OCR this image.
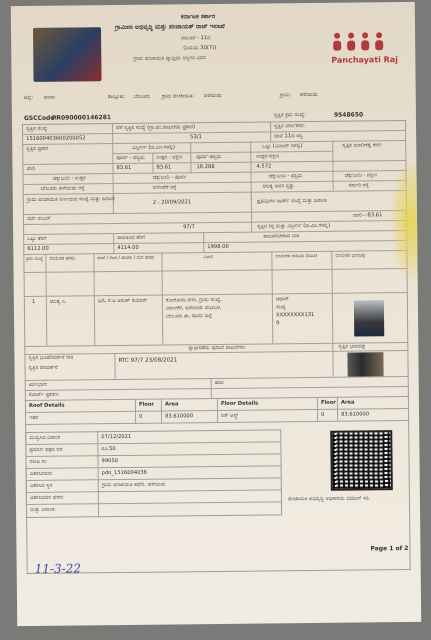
ಕರ್ನಾಟಕ ಸರ್ಕಾರ
ಗ್ರಾಮೀಣ ಅಭಿವೃದ್ಧಿ ಮತ್ತು ಪಂಚಾಯತ್ ರಾಜ್ ಇಲಾಖೆ
ನಮೂನೆ - 11ಬಿ
(ನಿಯಮ 30(7))
ಗ್ರಾಮ ಪಂಚಾಯಿತಿ ವ್ಯಾಪ್ತಿಯ ಆಸ್ತಿಗಳ ವಿವರ	Panchayati Raj
ಜಿಲ್ಲೆ: ಹಾಸನ	ತಾಲ್ಲೂಕು: ಬೇಲೂರು ಗ್ರಾಮ ಪಂಚಾಯಿತಿ: ಹಳೇಬೀಡು	ಗ್ರಾಮ: ಹಳೇಬೀಡು
GSCCode:
PR090000146281	ಸ್ವತ್ತಿನ ಕ್ರಮ ಸಂಖ್ಯೆ:	9548650
ಸ್ವತ್ತಿನ ಸಂಖ್ಯೆ	ಹಳೆ ಸ್ವತ್ತಿನ ಸಂಖ್ಯೆ (ಗ್ರಾ.ಪಂ.ದಾಖಲೆಯ ಪ್ರಕಾರ)	ಸ್ವತ್ತಿನ ವರ್ಗೀಕರಣ
151600403600200052	53/1	ಖಾನೆ 11ಬಿ ಆಸ್ತಿ
ಸ್ವತ್ತಿನ ಪ್ರಕಾರ	ವಿಸ್ತೀರ್ಣ (ಚ.ಮೀ.ಗಳಲ್ಲಿ)	ಒಟ್ಟು (ಮೀಟರ್ ಗಳಲ್ಲಿ)	ಸ್ವತ್ತಿನ ಮಾಲೀಕತ್ವ ಕರಣ
ಪೂರ್ವ - ಪಶ್ಚಿಮ ಉತ್ತರ - ದಕ್ಷಿಣ	ಪೂರ್ವ-ಪಶ್ಚಿಮ	ಉತ್ತರ-ದಕ್ಷಿಣ
ಖಾಲಿ	83.61	83.61	18.288	4.572
ಚಕ್ಕುಬಂದಿ - ಉತ್ತರ	ಚಕ್ಕುಬಂದಿ - ಪೂರ್ವ	ಚಕ್ಕುಬಂದಿ - ಪಶ್ಚಿಮ	ಚಕ್ಕುಬಂದಿ - ದಕ್ಷಿಣ
ಬೇಲೂರು ಹಳೇಬೀಡು ರಸ್ತೆ	ಅರಸೀಕೆರೆ ರಸ್ತೆ	ಆದಿತ್ಯ ಅವರ ಸ್ವತ್ತು	ಸರ್ಕಾರಿ ರಸ್ತೆ
ಗ್ರಾಮ ಪಂಚಾಯಿತಿ ನಿರ್ಣಯದ ಸಂಖ್ಯೆ ಮತ್ತು ದಿನಾಂಕ	2 - 20/09/2021	ಪ್ರತಿನಿಧಿಗಳ ವಾರ್ಡ್ ಸಂಖ್ಯೆ ಮತ್ತು ದಿನಾಂಕ
ಸರ್ವೆ ನಂಬರ್
97/7	ಸ್ವತ್ತಿನ ಕಿಸ್ತ ಮತ್ತು ವಿಸ್ತೀರ್ಣ (ಚ.ಮೀ.ಗಳಲ್ಲಿ)
ಖಾಲಿ---83.61
ಒಟ್ಟು ತೆರಿಗೆ	ಪಾವತಿಸಿದ ತೆರಿಗೆ	ಪಾವತಿಸಬೇಕಾದ ಬಾಕಿ
6112.00	4114.00	1998.00
ಕ್ರಮ ಸಂಖ್ಯೆ ಮಾಲೀಕರ ಹೆಸರು	ತಂದೆ / ಗಂಡ / ಹೆಂಡತಿ / ಮಗ ಹೆಸರು	ವಿಳಾಸ	ಮಾಲೀಕರ ಗುರುತಿನ ದಾಖಲೆ	ಮಾಲೀಕರ ಭಾವಚಿತ್ರ
1	ಆದಿತ್ಯ ಎ.	ಡಿ/ಓ ಕೆ.ಟಿ ಅರುಣ್ ಕುಮಾರ್	ಕೋರೋನಾ ನಗರ, ಗ್ರಾಮ ಸಂಖ್ಯೆ,
ಅರಸೀಕೆರೆ, ಹಳೇಬೀಡು ಹೋಬಳಿ,
ಬೇಲೂರು ತಾ, ಹಾಸನ ಜಿಲ್ಲೆ
ಆಧಾರ್
ಸಂಖ್ಯೆ
XXXXXXXX131
9
ಸ್ವತ್ತಿನ ಭೂಪರಿವರ್ತನೆ ರೀತಿ
ಸ್ವತ್ತಿನ ಪರಿವರ್ತನೆ
ಸ್ವಾಧೀನತೆಯ ಪುರಾವೆ ದಾಖಲೆಗಳು
RTC 97/7 23/08/2021
ಸ್ವತ್ತಿನ ಭಾವಚಿತ್ರ
ಋಣಭಾರ:	ಷರಾ:
ಕೋರ್ಟ್ ಪ್ರಕರಣ:
Roof Details	Floor Area	Floor Details	Floor Area
ಇತರೆ	0	83.610000	ರಿಸ್ ಅಸ್ತ್ರ್	0	83.610000
ಮುದ್ರಿಸಿದ ದಿನಾಂಕ	07/12/2021
ಪ್ರಮಾಣ ಪತ್ರದ ದರ	ರೂ.50
ರಶೀದಿ ಸಂ	99050
ವಿತರಿಸಿದವರು	pdo_1516004036
ವಿತರಿಸಿದ ಸ್ಥಳ	ಗ್ರಾಮ ಪಂಚಾಯಿತಿ ಕಛೇರಿ, ಹಳೇಬೀಡು
ವಿತರಿಸಿದವರ ಹೆಸರು
ಮತ್ತು ದಿನಾಂಕ:
ಪಂಚಾಯತಿ ಅಭಿವೃದ್ಧಿ ಅಧಿಕಾರಿಯ ಡಿಜಿಟಲ್ ಸಹಿ
11-3-22
Page 1 of 2
